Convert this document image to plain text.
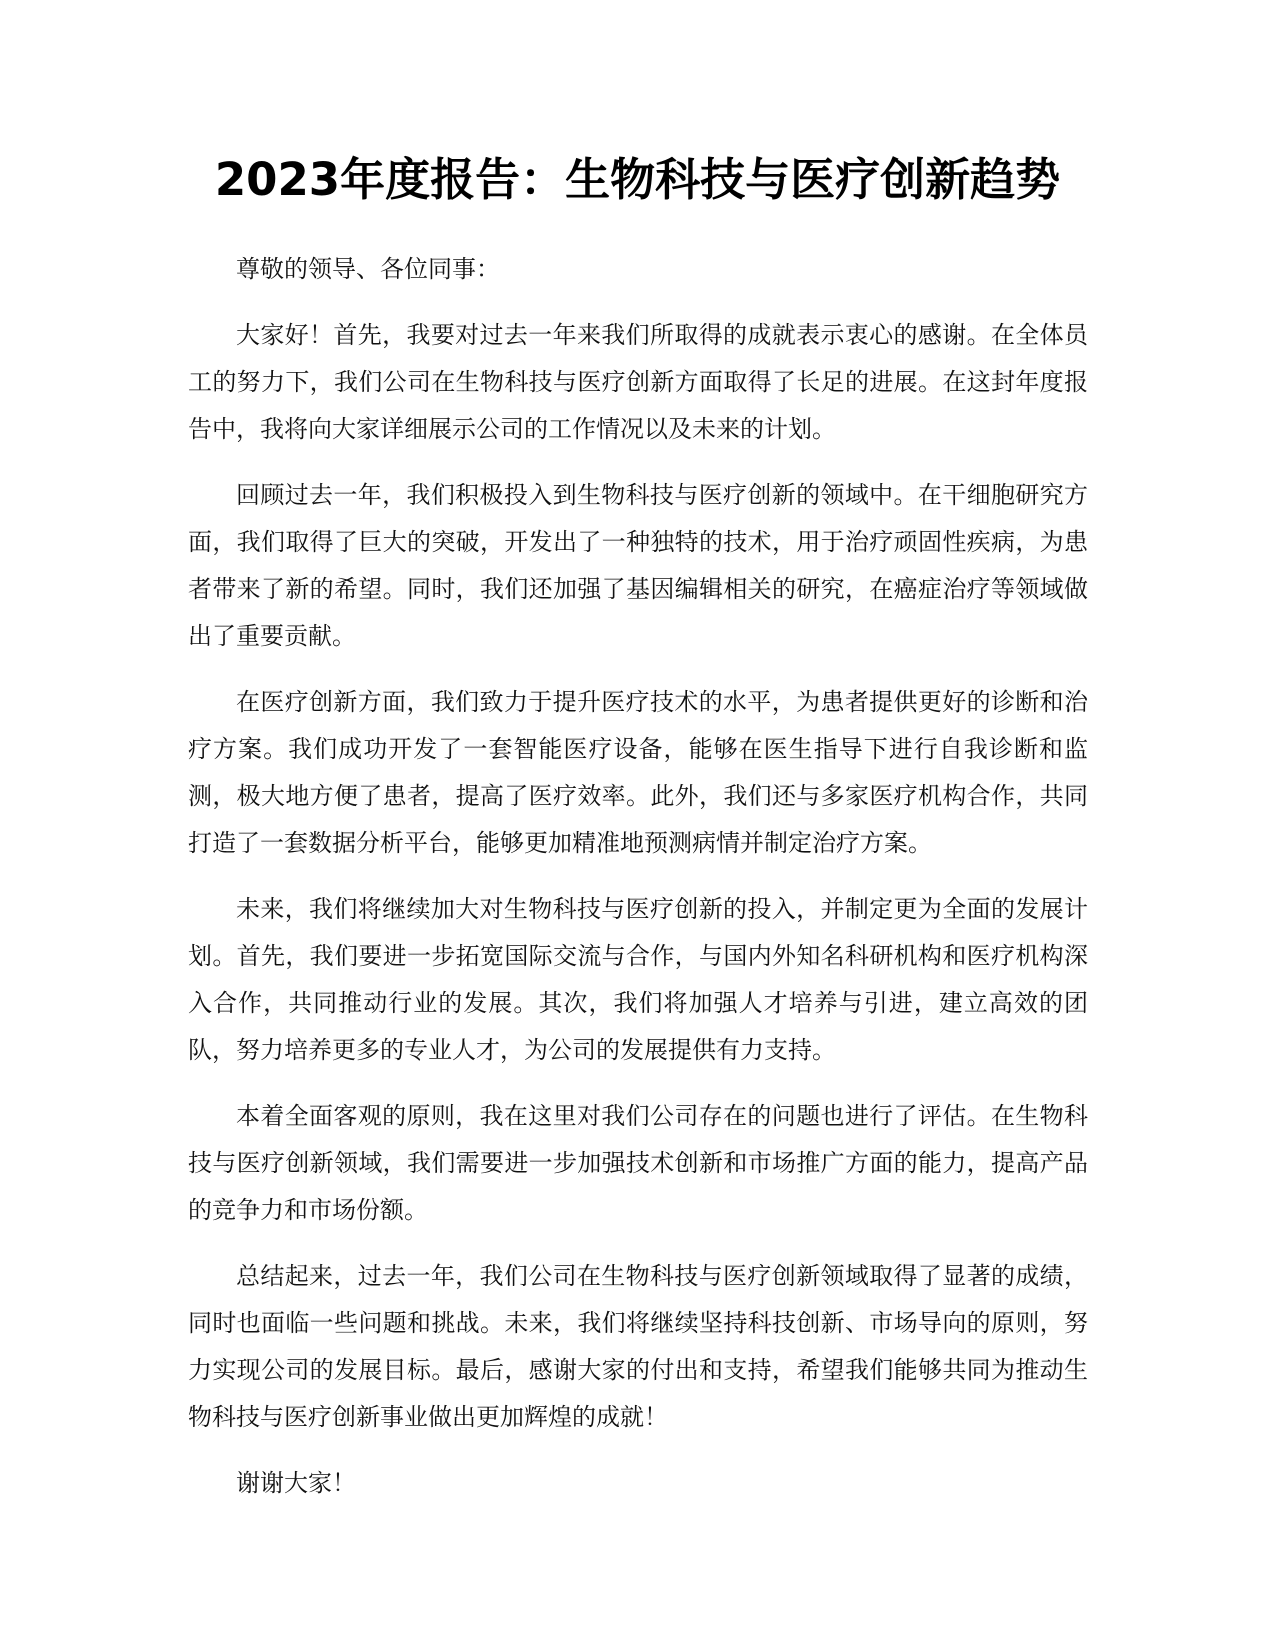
2023年度报告：生物科技与医疗创新趋势

尊敬的领导、各位同事：

大家好！首先，我要对过去一年来我们所取得的成就表示衷心的感谢。在全体员工的努力下，我们公司在生物科技与医疗创新方面取得了长足的进展。在这封年度报告中，我将向大家详细展示公司的工作情况以及未来的计划。

回顾过去一年，我们积极投入到生物科技与医疗创新的领域中。在干细胞研究方面，我们取得了巨大的突破，开发出了一种独特的技术，用于治疗顽固性疾病，为患者带来了新的希望。同时，我们还加强了基因编辑相关的研究，在癌症治疗等领域做出了重要贡献。

在医疗创新方面，我们致力于提升医疗技术的水平，为患者提供更好的诊断和治疗方案。我们成功开发了一套智能医疗设备，能够在医生指导下进行自我诊断和监测，极大地方便了患者，提高了医疗效率。此外，我们还与多家医疗机构合作，共同打造了一套数据分析平台，能够更加精准地预测病情并制定治疗方案。

未来，我们将继续加大对生物科技与医疗创新的投入，并制定更为全面的发展计划。首先，我们要进一步拓宽国际交流与合作，与国内外知名科研机构和医疗机构深入合作，共同推动行业的发展。其次，我们将加强人才培养与引进，建立高效的团队，努力培养更多的专业人才，为公司的发展提供有力支持。

本着全面客观的原则，我在这里对我们公司存在的问题也进行了评估。在生物科技与医疗创新领域，我们需要进一步加强技术创新和市场推广方面的能力，提高产品的竞争力和市场份额。

总结起来，过去一年，我们公司在生物科技与医疗创新领域取得了显著的成绩，同时也面临一些问题和挑战。未来，我们将继续坚持科技创新、市场导向的原则，努力实现公司的发展目标。最后，感谢大家的付出和支持，希望我们能够共同为推动生物科技与医疗创新事业做出更加辉煌的成就！

谢谢大家！
